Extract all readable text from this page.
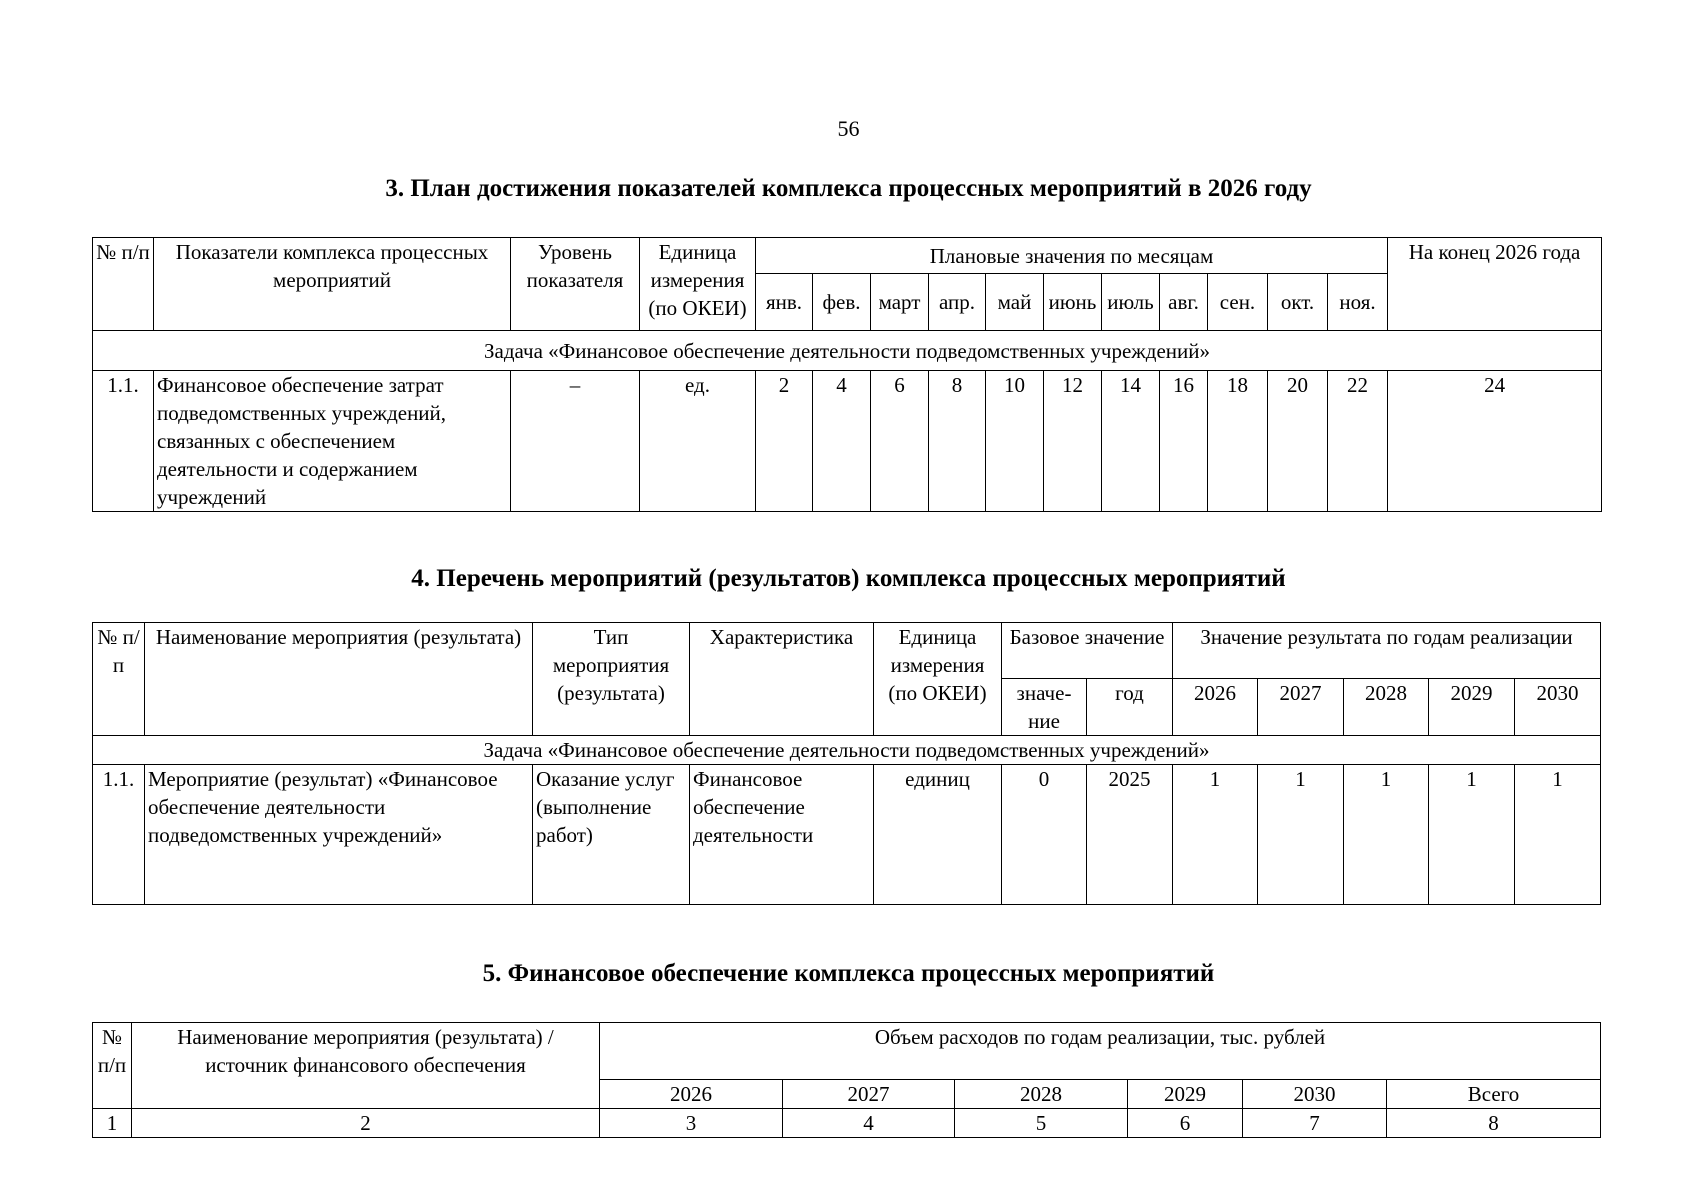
56
3. План достижения показателей комплекса процессных мероприятий в 2026 году
№ п/п	Показатели комплекса процессных мероприятий	Уровень показателя	Единица измерения (по ОКЕИ)	Плановые значения по месяцам											На конец 2026 года
				янв.	фев.	март	апр.	май	июнь	июль	авг.	сен.	окт.	ноя.	
Задача «Финансовое обеспечение деятельности подведомственных учреждений»															
1.1.	Финансовое обеспечение затрат подведомственных учреждений, связанных с обеспечением деятельности и содержанием учреждений	–	ед.	2	4	6	8	10	12	14	16	18	20	22	24
4. Перечень мероприятий (результатов) комплекса процессных мероприятий
№ п/п	Наименование мероприятия (результата)	Тип мероприятия (результата)	Характеристика	Единица измерения (по ОКЕИ)	Базовое значение		Значение результата по годам реализации				
					значе-ние	год	2026	2027	2028	2029	2030
Задача «Финансовое обеспечение деятельности подведомственных учреждений»											
1.1.	Мероприятие (результат) «Финансовое обеспечение деятельности подведомственных учреждений»	Оказание услуг (выполнение работ)	Финансовое обеспечение деятельности	единиц	0	2025	1	1	1	1	1
5. Финансовое обеспечение комплекса процессных мероприятий
№ п/п	Наименование мероприятия (результата) / источник финансового обеспечения	Объем расходов по годам реализации, тыс. рублей					
		2026	2027	2028	2029	2030	Всего
1	2	3	4	5	6	7	8
